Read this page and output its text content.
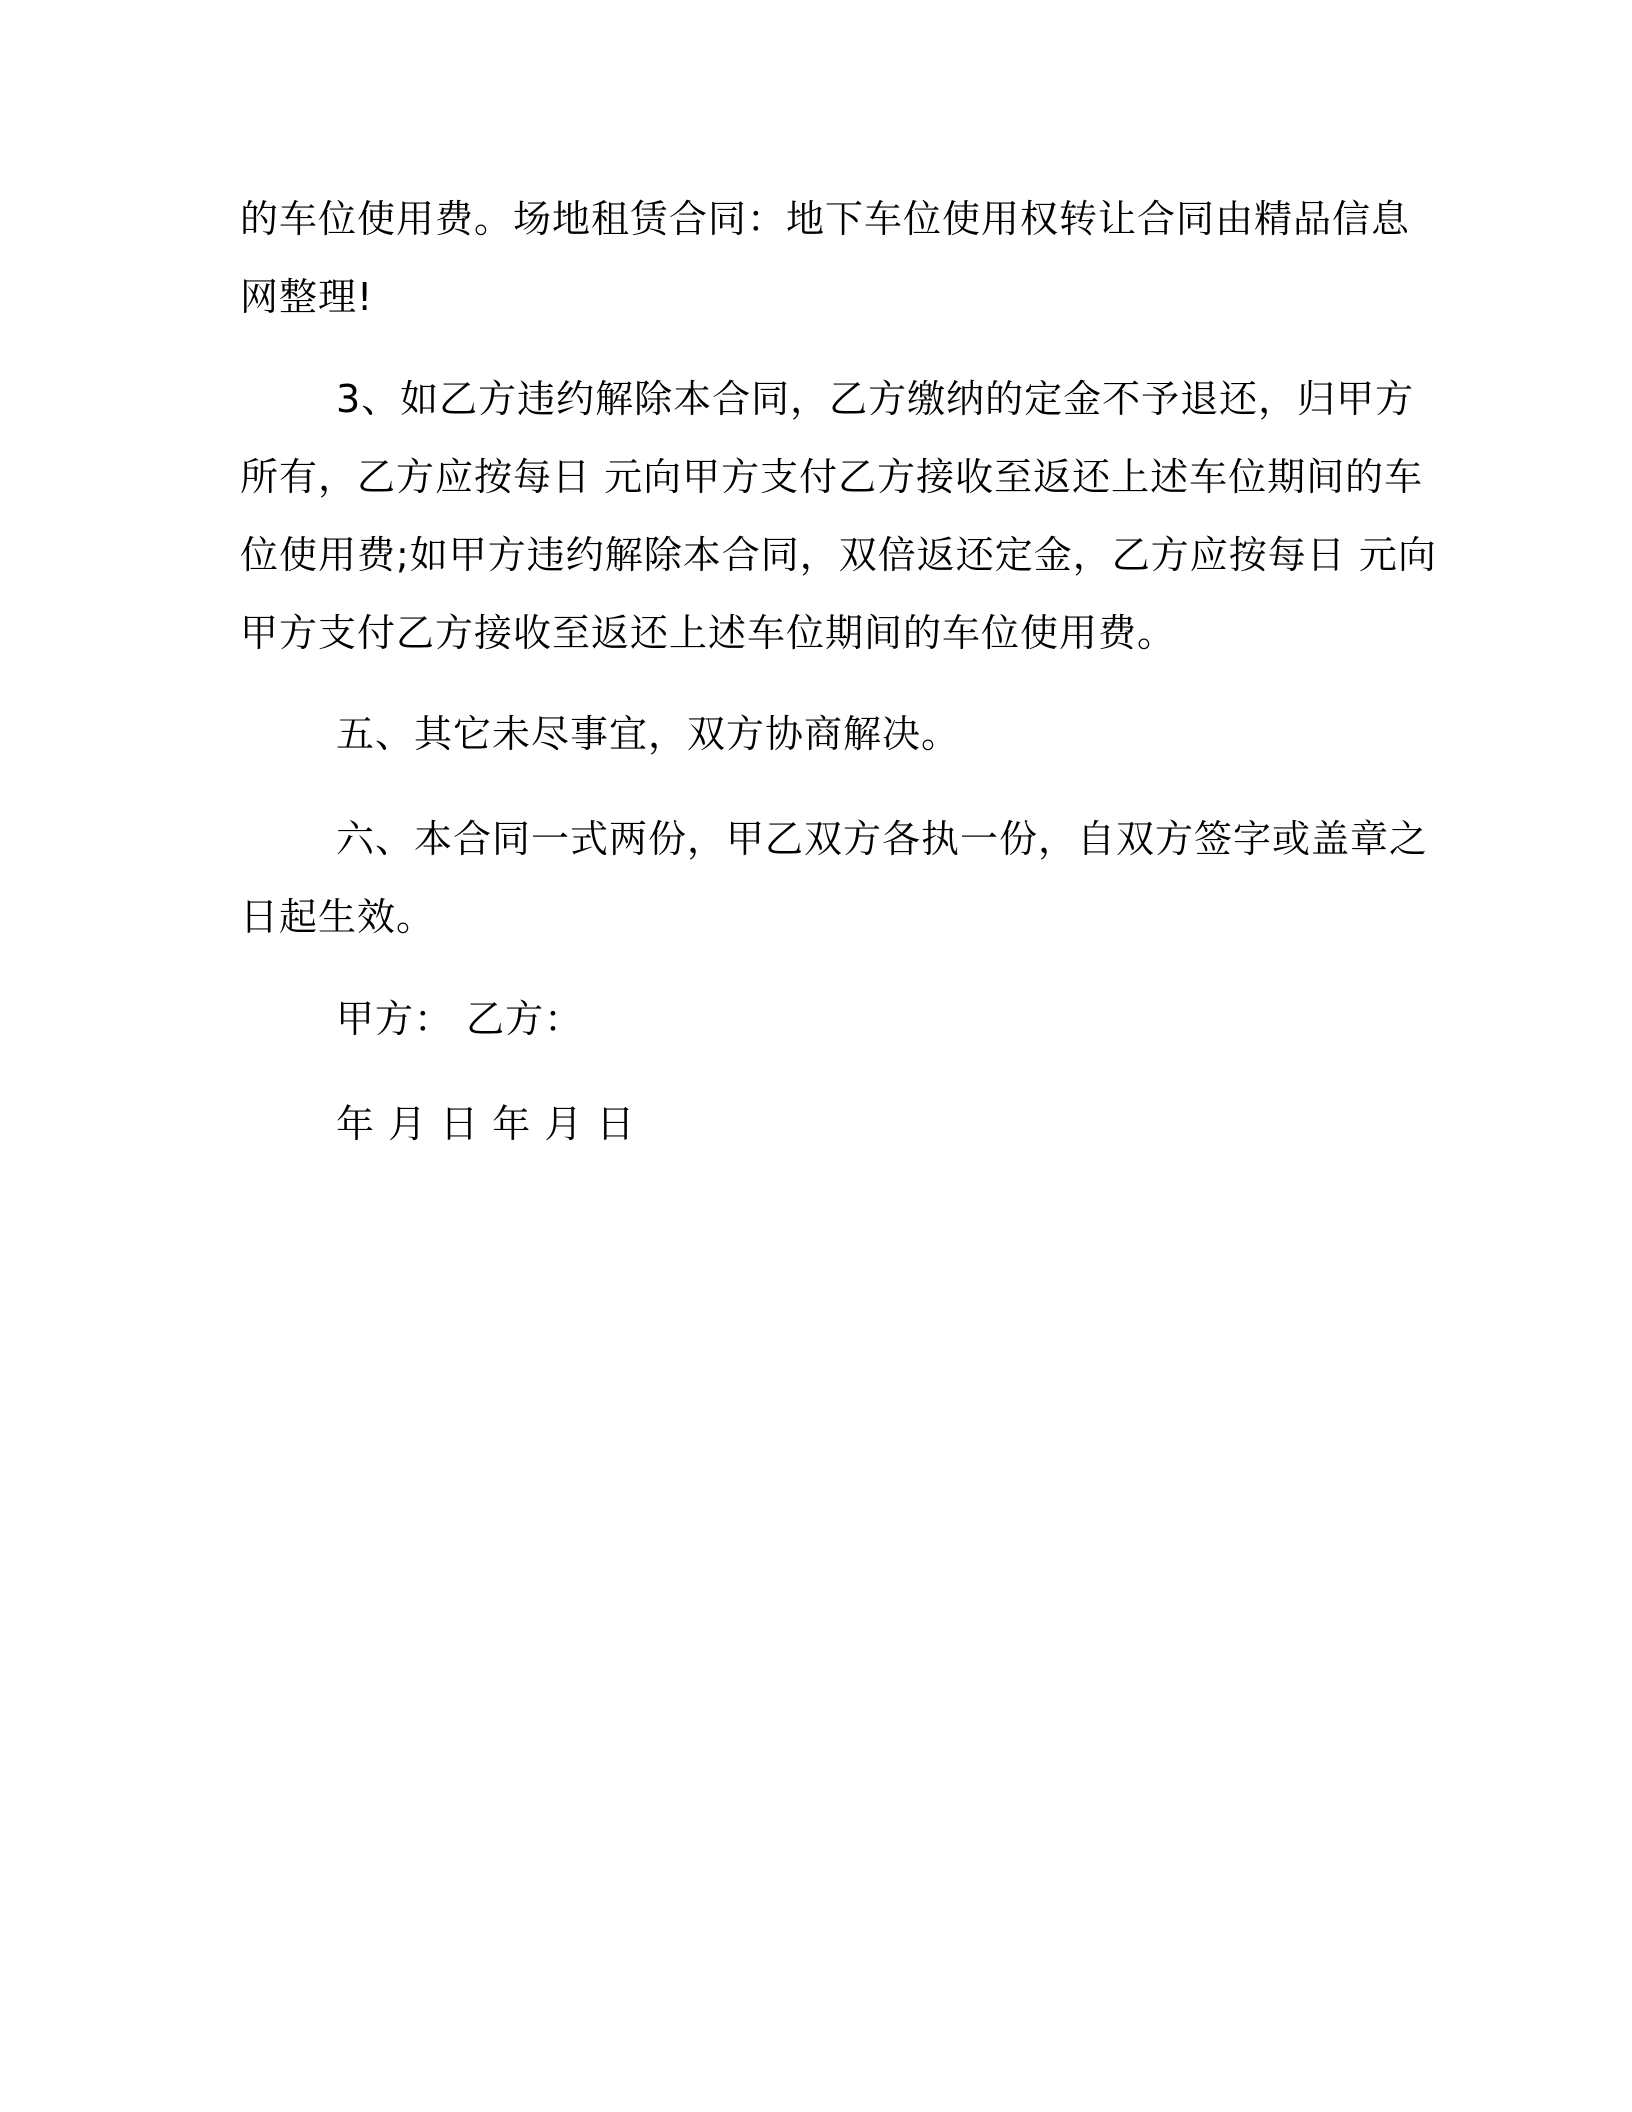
的车位使用费。场地租赁合同：地下车位使用权转让合同由精品信息
网整理!
3、如乙方违约解除本合同，乙方缴纳的定金不予退还，归甲方
所有，乙方应按每日 元向甲方支付乙方接收至返还上述车位期间的车
位使用费;如甲方违约解除本合同，双倍返还定金，乙方应按每日 元向
甲方支付乙方接收至返还上述车位期间的车位使用费。
五、其它未尽事宜，双方协商解决。
六、本合同一式两份，甲乙双方各执一份，自双方签字或盖章之
日起生效。
甲方： 乙方：
年 月 日 年 月 日
